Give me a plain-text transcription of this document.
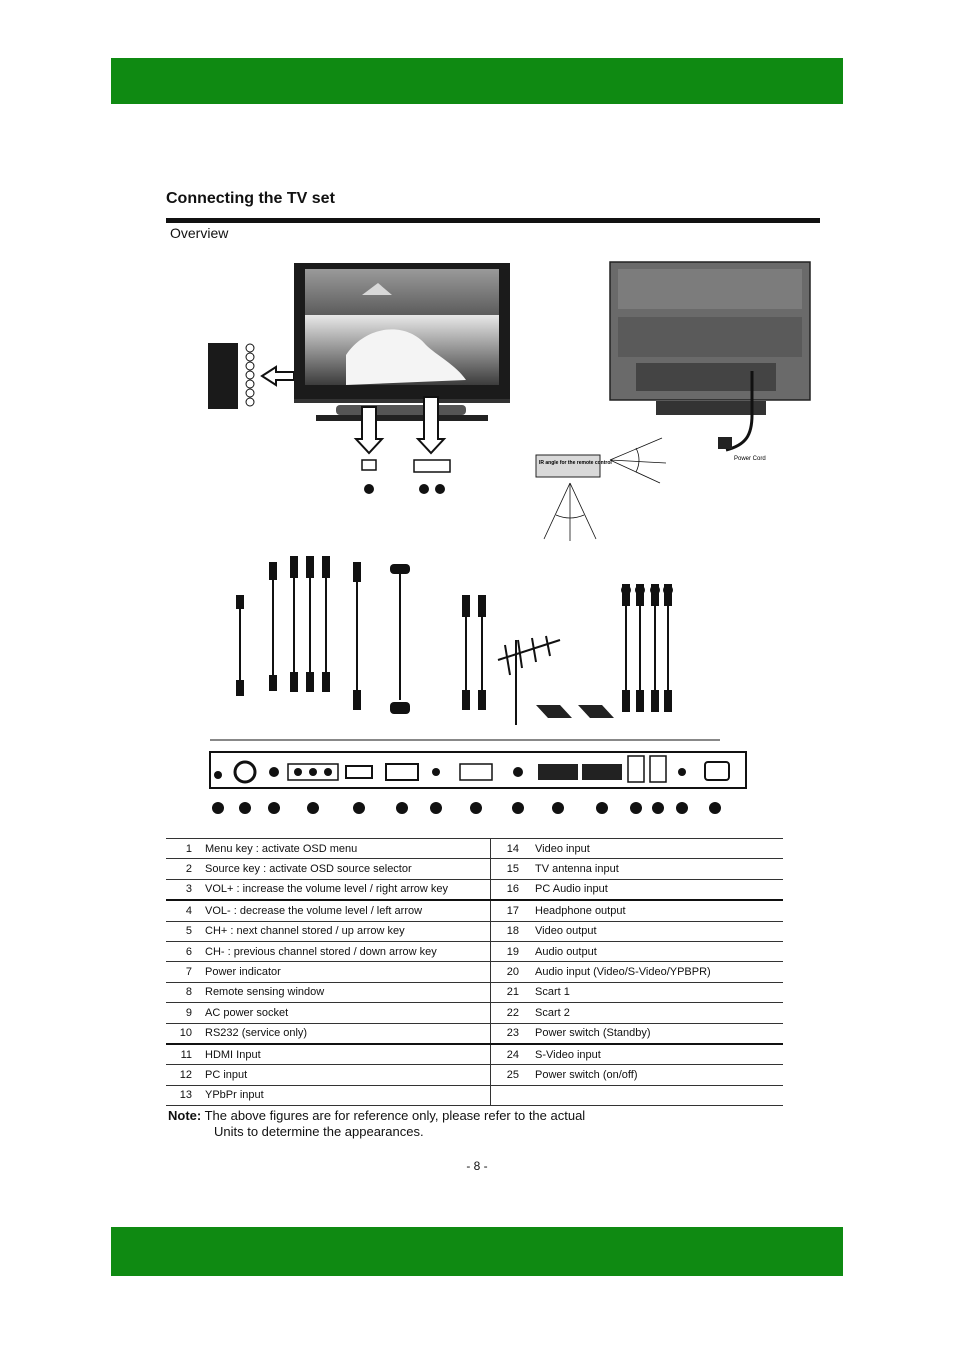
Connecting the TV set
Overview
Power Cord
IR angle for the remote control
1	Menu key : activate OSD menu	14	Video input
2	Source key : activate OSD source selector	15	TV antenna input
3	VOL+ : increase the volume level / right arrow key	16	PC Audio input
4	VOL- : decrease the volume level / left arrow	17	Headphone output
5	CH+ : next channel stored / up arrow key	18	Video output
6	CH- : previous channel stored / down arrow key	19	Audio output
7	Power indicator	20	Audio input (Video/S-Video/YPBPR)
8	Remote sensing window	21	Scart 1
9	AC power socket	22	Scart 2
10	RS232 (service only)	23	Power switch (Standby)
11	HDMI Input	24	S-Video input
12	PC input	25	Power switch (on/off)
13	YPbPr input		
Note: The above figures are for reference only, please refer to the actual
Units to determine the appearances.
- 8 -
